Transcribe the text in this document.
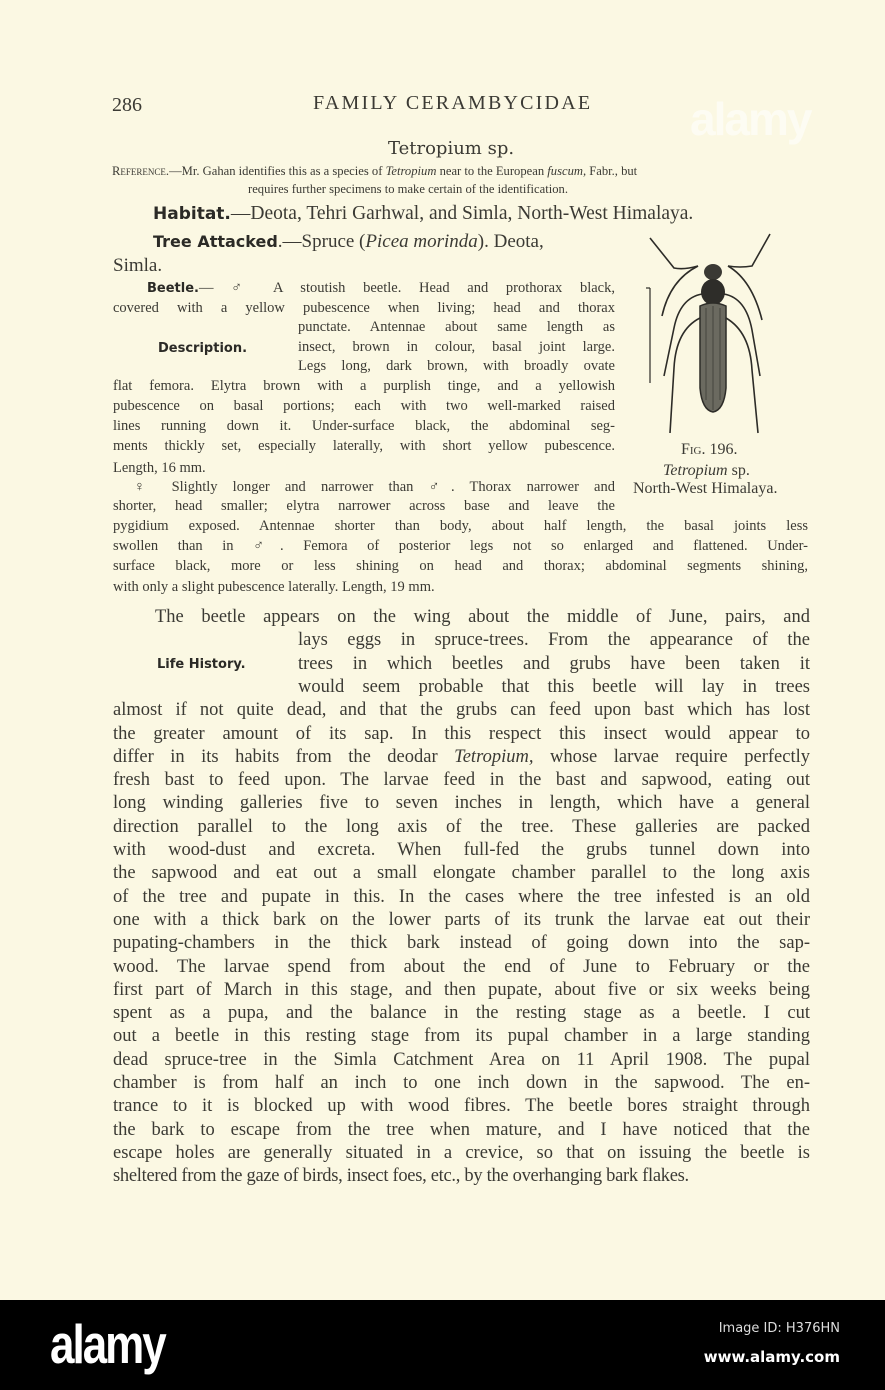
alamy
286	FAMILY CERAMBYCIDAE
Tetropium sp.
Reference.—Mr. Gahan identifies this as a species of Tetropium near to the European fuscum, Fabr., but
requires further specimens to make certain of the identification.
Habitat.—Deota, Tehri Garhwal, and Simla, North-West Himalaya.
Tree Attacked.—Spruce (Picea morinda). Deota,
Simla.
Description.
Life History.
Beetle.— ♂ A stoutish beetle. Head and prothorax black,
covered with a yellow pubescence when living; head and thorax
punctate. Antennae about same length as
insect, brown in colour, basal joint large.
Legs long, dark brown, with broadly ovate
flat femora. Elytra brown with a purplish tinge, and a yellowish
pubescence on basal portions; each with two well-marked raised
lines running down it. Under-surface black, the abdominal seg-
ments thickly set, especially laterally, with short yellow pubescence.
Length, 16 mm.
♀ Slightly longer and narrower than ♂. Thorax narrower and
shorter, head smaller; elytra narrower across base and leave the
pygidium exposed. Antennae shorter than body, about half length, the basal joints less
swollen than in ♂. Femora of posterior legs not so enlarged and flattened. Under-
surface black, more or less shining on head and thorax; abdominal segments shining,
with only a slight pubescence laterally. Length, 19 mm.
The beetle appears on the wing about the middle of June, pairs, and
lays eggs in spruce-trees. From the appearance of the
trees in which beetles and grubs have been taken it
would seem probable that this beetle will lay in trees
almost if not quite dead, and that the grubs can feed upon bast which has lost
the greater amount of its sap. In this respect this insect would appear to
differ in its habits from the deodar Tetropium, whose larvae require perfectly
fresh bast to feed upon. The larvae feed in the bast and sapwood, eating out
long winding galleries five to seven inches in length, which have a general
direction parallel to the long axis of the tree. These galleries are packed
with wood-dust and excreta. When full-fed the grubs tunnel down into
the sapwood and eat out a small elongate chamber parallel to the long axis
of the tree and pupate in this. In the cases where the tree infested is an old
one with a thick bark on the lower parts of its trunk the larvae eat out their
pupating-chambers in the thick bark instead of going down into the sap-
wood. The larvae spend from about the end of June to February or the
first part of March in this stage, and then pupate, about five or six weeks being
spent as a pupa, and the balance in the resting stage as a beetle. I cut
out a beetle in this resting stage from its pupal chamber in a large standing
dead spruce-tree in the Simla Catchment Area on 11 April 1908. The pupal
chamber is from half an inch to one inch down in the sapwood. The en-
trance to it is blocked up with wood fibres. The beetle bores straight through
the bark to escape from the tree when mature, and I have noticed that the
escape holes are generally situated in a crevice, so that on issuing the beetle is
sheltered from the gaze of birds, insect foes, etc., by the overhanging bark flakes.
Fig. 196.
Tetropium sp.
North-West Himalaya.
alamy	Image ID: H376HN
www.alamy.com
